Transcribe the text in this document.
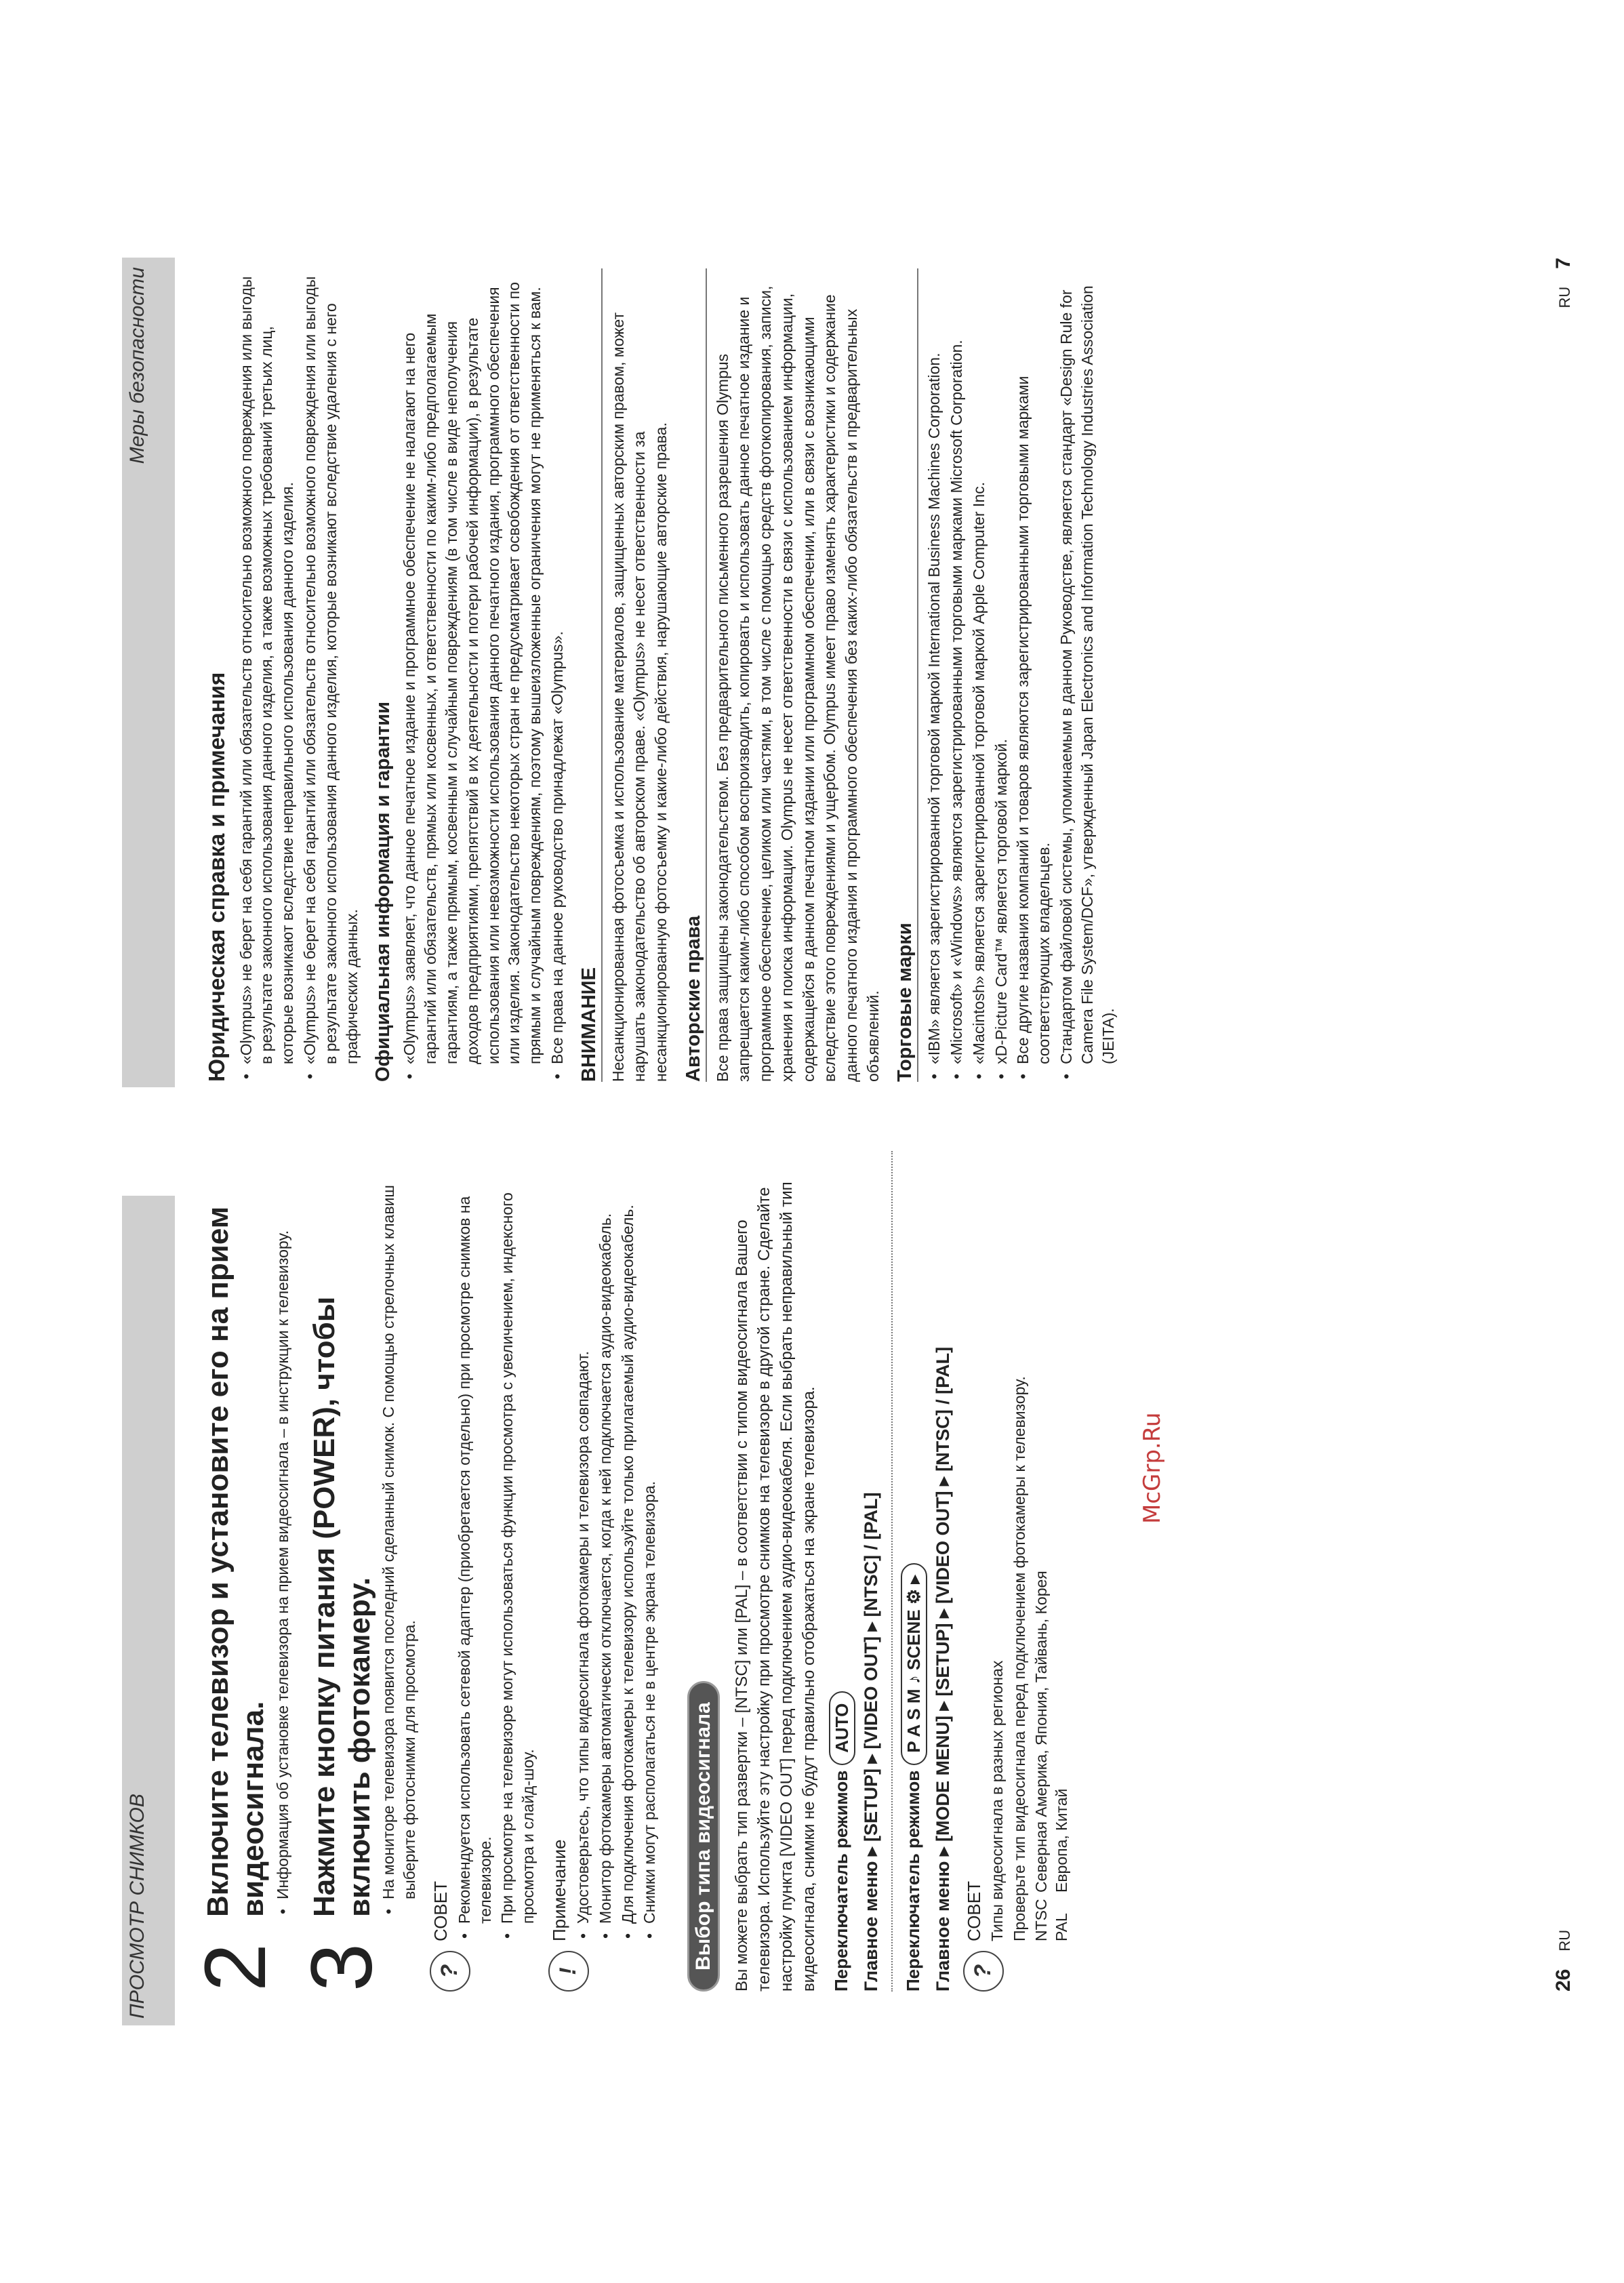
ПРОСМОТР СНИМКОВ 2
Включите телевизор и установите его на прием видеосигнала. • Информация об установке телевизора на прием видеосигнала – в инструкции к телевизору.
3
Нажмите кнопку питания (POWER), чтобы включить фотокамеру. • На мониторе телевизора появится последний сделанный снимок. С помощью стрелочных клавиш выберите фотоснимки для просмотра.
?
СОВЕТ • Рекомендуется использовать сетевой адаптер (приобретается отдельно) при просмотре снимков на телевизоре. • При просмотре на телевизоре могут использоваться функции просмотра с увеличением, индексного просмотра и слайд-шоу.
!
Примечание • Удостоверьтесь, что типы видеосигнала фотокамеры и телевизора совпадают. • Монитор фотокамеры автоматически отключается, когда к ней подключается аудио-видеокабель. • Для подключения фотокамеры к телевизору используйте только прилагаемый аудио-видеокабель. • Снимки могут располагаться не в центре экрана телевизора. Выбор типа видеосигнала Вы можете выбрать тип развертки – [NTSC] или [PAL] – в соответствии с типом видеосигнала Вашего телевизора. Используйте эту настройку при просмотре снимков на телевизоре в другой стране. Сделайте настройку пункта [VIDEO OUT] перед подключением аудио-видеокабеля. Если выбрать неправильный тип видеосигнала, снимки не будут правильно отображаться на экране телевизора. Переключатель режимов
AUTO Главное меню ▸ [SETUP] ▸ [VIDEO OUT] ▸ [NTSC] / [PAL] Переключатель режимов
P A S M ♪ SCENE ⚙ ▸ Главное меню ▸ [MODE MENU] ▸ [SETUP] ▸ [VIDEO OUT] ▸ [NTSC] / [PAL] ?
СОВЕТ Типы видеосигнала в разных регионах Проверьте тип видеосигнала перед подключением фотокамеры к телевизору. NTSC
Северная Америка, Япония, Тайвань, Корея
PAL
Европа, Китай
26RU
Меры безопасности
Юридическая справка и примечания • «Olympus» не берет на себя гарантий или обязательств относительно возможного повреждения или выгоды в результате законного использования данного изделия, а также возможных требований третьих лиц, которые возникают вследствие неправильного использования данного изделия. • «Olympus» не берет на себя гарантий или обязательств относительно возможного повреждения или выгоды в результате законного использования данного изделия, которые возникают вследствие удаления с него графических данных. Официальная информация и гарантии • «Olympus» заявляет, что данное печатное издание и программное обеспечение не налагают на него гарантий или обязательств, прямых или косвенных, и ответственности по каким-либо предполагаемым гарантиям, а также прямым, косвенным и случайным повреждениям (в том числе в виде неполучения доходов предприятиями, препятствий в их деятельности и потери рабочей информации), в результате использования или невозможности использования данного печатного издания, программного обеспечения или изделия. Законодательство некоторых стран не предусматривает освобождения от ответственности по прямым и случайным повреждениям, поэтому вышеизложенные ограничения могут не применяться к вам. • Все права на данное руководство принадлежат «Olympus». ВНИМАНИЕ Несанкционированная фотосъемка и использование материалов, защищенных авторским правом, может нарушать законодательство об авторском праве. «Olympus» не несет ответственности за несанкционированную фотосъемку и какие-либо действия, нарушающие авторские права. Авторские права Все права защищены законодательством. Без предварительного письменного разрешения Olympus запрещается каким-либо способом воспроизводить, копировать и использовать данное печатное издание и программное обеспечение, целиком или частями, в том числе с помощью средств фотокопирования, записи, хранения и поиска информации. Olympus не несет ответственности в связи с использованием информации, содержащейся в данном печатном издании или программном обеспечении, или в связи с возникающими вследствие этого повреждениями и ущербом. Olympus имеет право изменять характеристики и содержание данного печатного издания и программного обеспечения без каких-либо обязательств и предварительных объявлений. Торговые марки • «IBM» является зарегистрированной торговой маркой International Business Machines Corporation. • «Microsoft» и «Windows» являются зарегистрированными торговыми марками Microsoft Corporation. • «Macintosh» является зарегистрированной торговой маркой Apple Computer Inc. • xD-Picture Card™ является торговой маркой. • Все другие названия компаний и товаров являются зарегистрированными торговыми марками соответствующих владельцев. • Стандартом файловой системы, упоминаемым в данном Руководстве, является стандарт «Design Rule for Camera File System/DCF», утвержденный Japan Electronics and Information Technology Industries Association (JEITA).
RU7
McGrp.Ru
